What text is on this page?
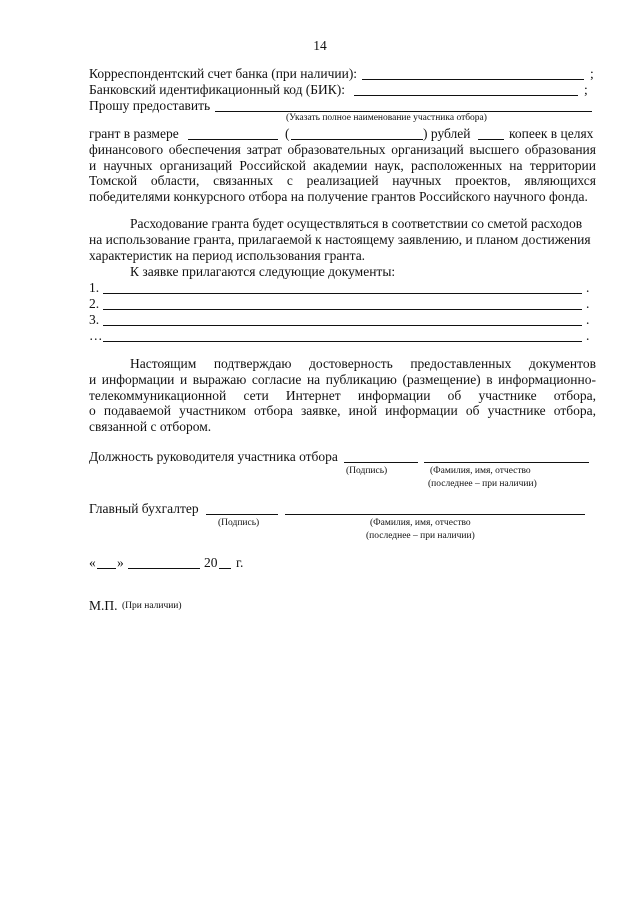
14
Корреспондентский счет банка (при наличии):	;
Банковский идентификационный код (БИК):	;
Прошу предоставить
(Указать полное наименование участника отбора)
грант в размере	(	) рублей	копеек в целях
финансового обеспечения затрат образовательных организаций высшего образования
и научных организаций Российской академии наук, расположенных на территории
Томской области, связанных с реализацией научных проектов, являющихся
победителями конкурсного отбора на получение грантов Российского научного фонда.
Расходование гранта будет осуществляться в соответствии со сметой расходов
на использование гранта, прилагаемой к настоящему заявлению, и планом достижения
характеристик на период использования гранта.
К заявке прилагаются следующие документы:
1.	.
2.	.
3.	.
…	.
Настоящим подтверждаю достоверность предоставленных документов
и информации и выражаю согласие на публикацию (размещение) в информационно-
телекоммуникационной сети Интернет информации об участнике отбора,
о подаваемой участником отбора заявке, иной информации об участнике отбора,
связанной с отбором.
Должность руководителя участника отбора
(Подпись)	(Фамилия, имя, отчество
(последнее – при наличии)
Главный бухгалтер
(Подпись)	(Фамилия, имя, отчество
(последнее – при наличии)
« »	20 г.
М.П. (При наличии)
